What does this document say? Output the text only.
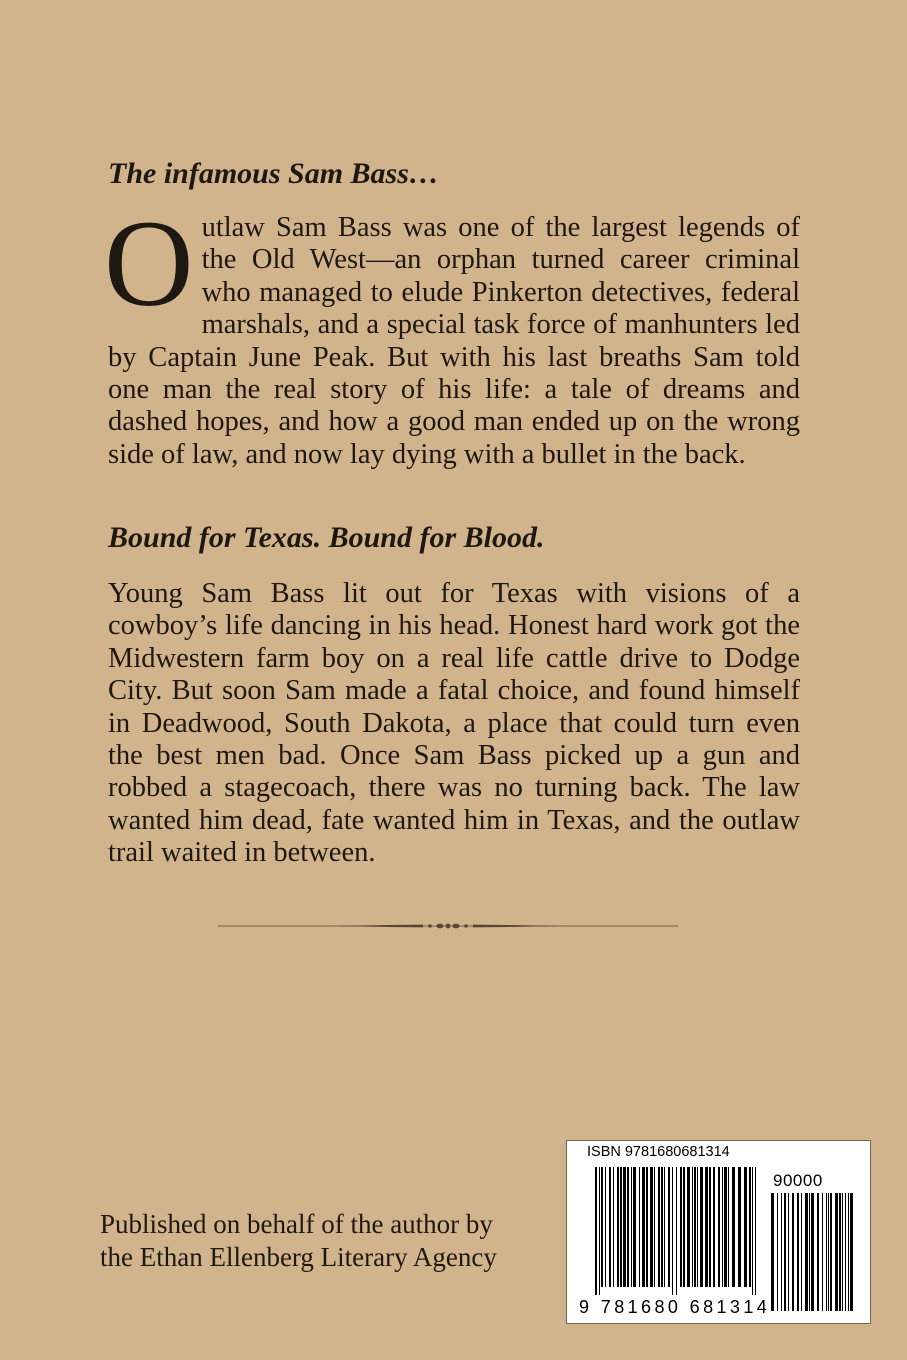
The infamous Sam Bass…
Outlaw Sam Bass was one of the largest legends of the Old West—an orphan turned career criminal who managed to elude Pinkerton detectives, federal marshals, and a special task force of manhunters led by Captain June Peak. But with his last breaths Sam told one man the real story of his life: a tale of dreams and dashed hopes, and how a good man ended up on the wrong side of law, and now lay dying with a bullet in the back.
Bound for Texas. Bound for Blood.
Young Sam Bass lit out for Texas with visions of a cowboy’s life dancing in his head. Honest hard work got the Midwestern farm boy on a real life cattle drive to Dodge City. But soon Sam made a fatal choice, and found himself in Deadwood, South Dakota, a place that could turn even the best men bad. Once Sam Bass picked up a gun and robbed a stagecoach, there was no turning back. The law wanted him dead, fate wanted him in Texas, and the outlaw trail waited in between.
Published on behalf of the author by
the Ethan Ellenberg Literary Agency
ISBN 9781680681314
90000
9 781680 681314
